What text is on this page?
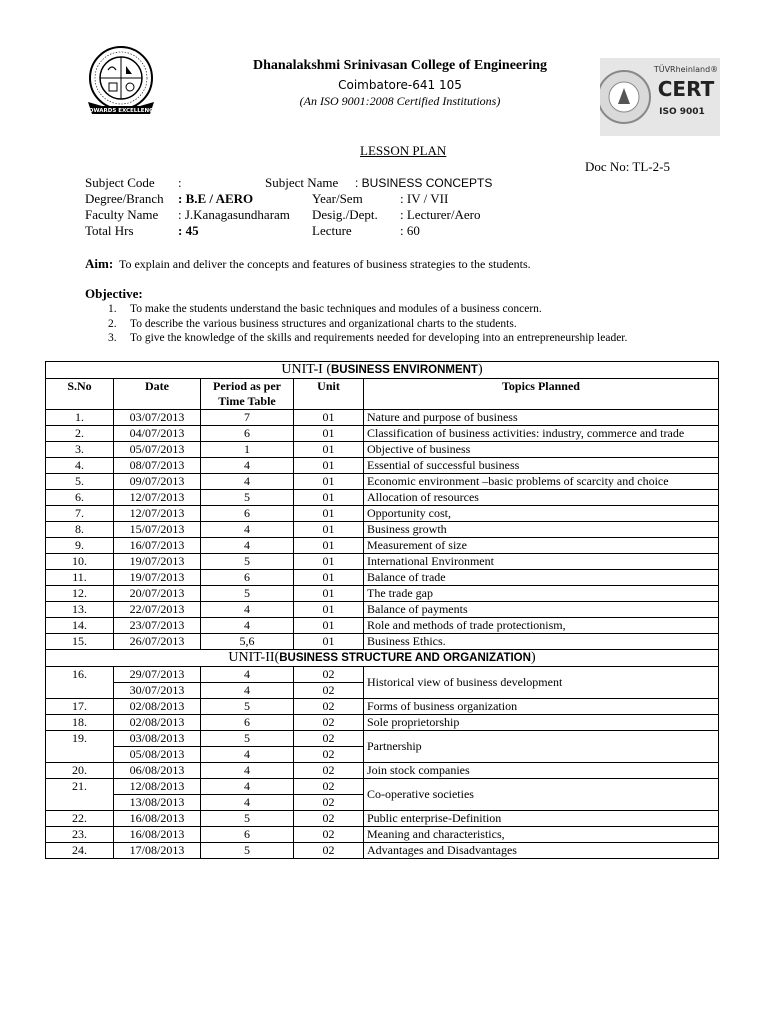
TOWARDS EXCELLENCE
Dhanalakshmi Srinivasan College of Engineering
Coimbatore-641 105
(An ISO 9001:2008 Certified Institutions)
TÜVRheinland®
CERT
ISO 9001
LESSON PLAN
Doc No: TL-2-5
Subject Code :	Subject Name : BUSINESS CONCEPTS
Degree/Branch : B.E / AERO	Year/Sem	: IV / VII
Faculty Name : J.Kanagasundharam Desig./Dept. : Lecturer/Aero
Total Hrs	: 45	Lecture	: 60
Aim: To explain and deliver the concepts and features of business strategies to the students.
Objective:
1. To make the students understand the basic techniques and modules of a business concern.
2. To describe the various business structures and organizational charts to the students.
3. To give the knowledge of the skills and requirements needed for developing into an entrepreneurship leader.
UNIT-I (BUSINESS ENVIRONMENT)				
S.No	Date	Period as per Time Table	Unit	Topics Planned
1.	03/07/2013	7	01	Nature and purpose of business
2.	04/07/2013	6	01	Classification of business activities: industry, commerce and trade
3.	05/07/2013	1	01	Objective of business
4.	08/07/2013	4	01	Essential of successful business
5.	09/07/2013	4	01	Economic environment –basic problems of scarcity and choice
6.	12/07/2013	5	01	Allocation of resources
7.	12/07/2013	6	01	Opportunity cost,
8.	15/07/2013	4	01	Business growth
9.	16/07/2013	4	01	Measurement of size
10.	19/07/2013	5	01	International Environment
11.	19/07/2013	6	01	Balance of trade
12.	20/07/2013	5	01	The trade gap
13.	22/07/2013	4	01	Balance of payments
14.	23/07/2013	4	01	Role and methods of trade protectionism,
15.	26/07/2013	5,6	01	Business Ethics.
UNIT-II(BUSINESS STRUCTURE AND ORGANIZATION)				
16.	29/07/2013	4	02	Historical view of business development
	30/07/2013	4	02	
17.	02/08/2013	5	02	Forms of business organization
18.	02/08/2013	6	02	Sole proprietorship
19.	03/08/2013	5	02	Partnership
	05/08/2013	4	02	
20.	06/08/2013	4	02	Join stock companies
21.	12/08/2013	4	02	Co-operative societies
	13/08/2013	4	02	
22.	16/08/2013	5	02	Public enterprise-Definition
23.	16/08/2013	6	02	Meaning and characteristics,
24.	17/08/2013	5	02	Advantages and Disadvantages
